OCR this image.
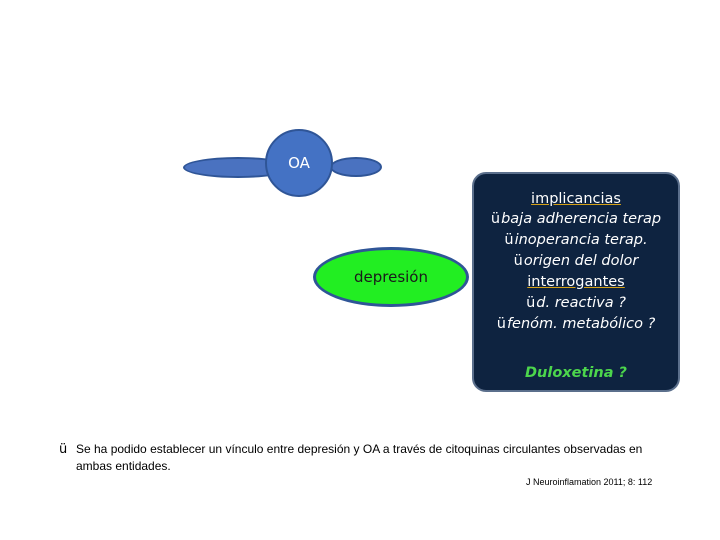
OA
depresión
implicancias
übaja adherencia terap
üinoperancia terap.
üorigen del dolor
interrogantes
üd. reactiva ?
üfenóm. metabólico ?
Duloxetina ?
ü Se ha podido establecer un vínculo entre depresión y OA a través de citoquinas circulantes observadas en ambas entidades.
J Neuroinflamation 2011; 8: 112
